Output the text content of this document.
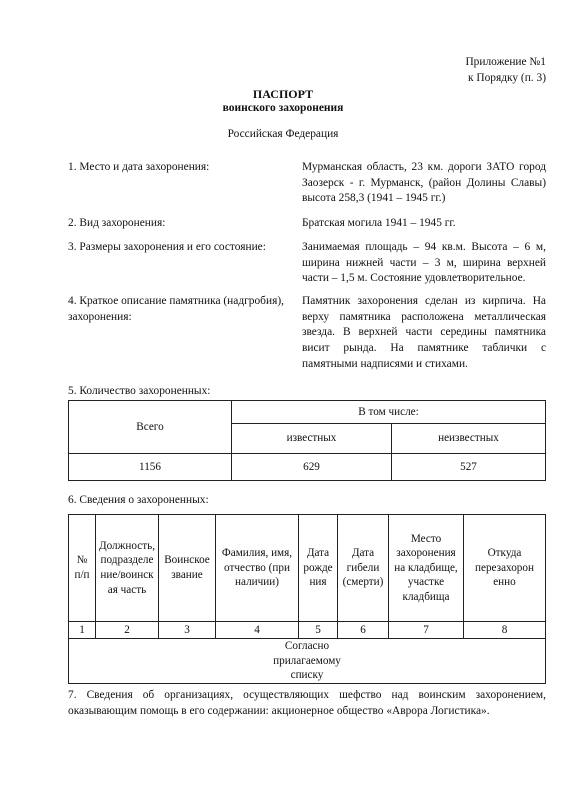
Приложение №1
к Порядку (п. 3)
ПАСПОРТ
воинского захоронения
Российская Федерация
1. Место и дата захоронения:	Мурманская область, 23 км. дороги ЗАТО город Заозерск - г. Мурманск, (район Долины Славы) высота 258,3 (1941 – 1945 гг.)
2. Вид захоронения:	Братская могила 1941 – 1945 гг.
3. Размеры захоронения и его состояние:	Занимаемая площадь – 94 кв.м. Высота – 6 м, ширина нижней части – 3 м, ширина верхней части – 1,5 м. Состояние удовлетворительное.
4. Краткое описание памятника (надгробия), захоронения:
Памятник захоронения сделан из кирпича. На верху памятника расположена металлическая звезда. В верхней части середины памятника висит рында. На памятнике таблички с памятными надписями и стихами.
5. Количество захороненных:
Всего	В том числе:	
	известных	неизвестных
1156	629	527
6. Сведения о захороненных:
№ п/п	Должность, подразделе ние/воинск ая часть	Воинское звание	Фамилия, имя, отчество (при наличии)	Дата рожде ния	Дата гибели (смерти)	Место захоронения на кладбище, участке кладбища	Откуда перезахорон енно
1	2	3	4	5	6	7	8

Согласно прилагаемому списку							
7. Сведения об организациях, осуществляющих шефство над воинским захоронением, оказывающим помощь в его содержании: акционерное общество «Аврора Логистика».
